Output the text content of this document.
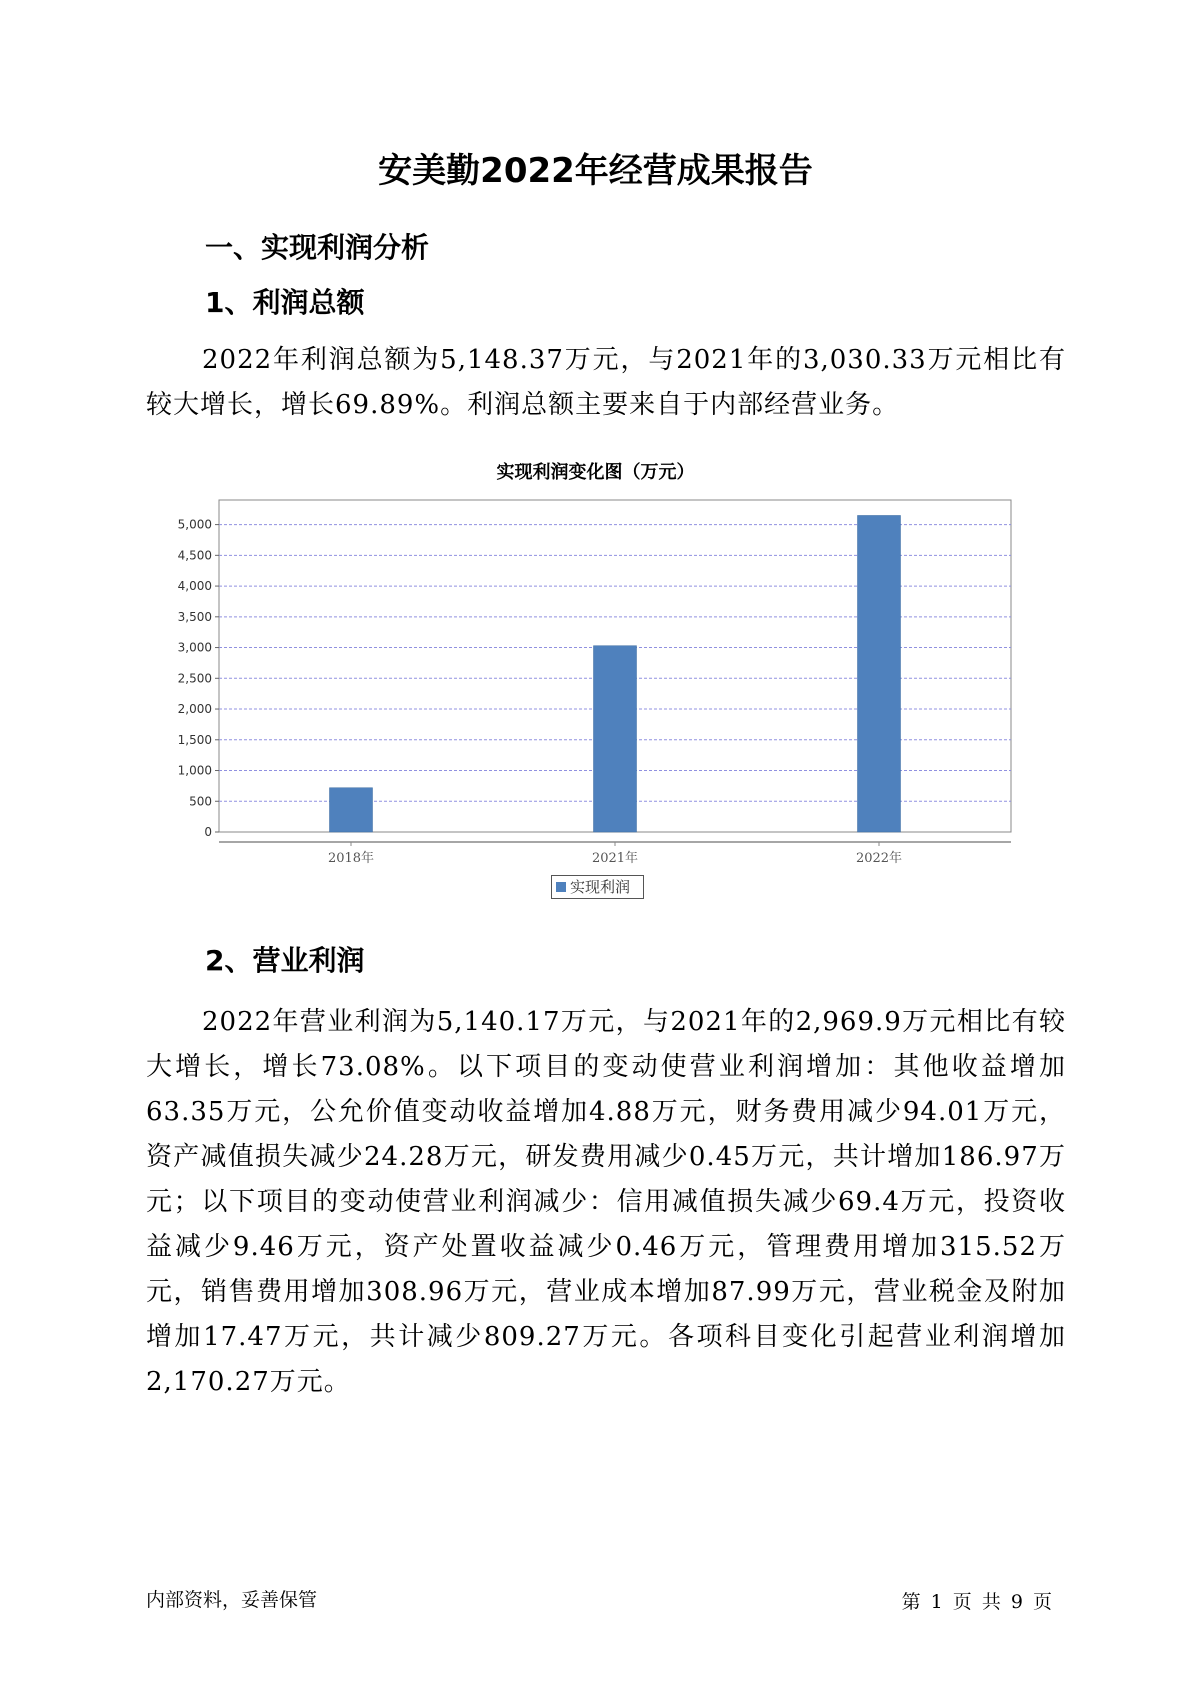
安美勤2022年经营成果报告
一、实现利润分析
1、利润总额
2022年利润总额为5,148.37万元，与2021年的3,030.33万元相比有较大增长，增长69.89%。利润总额主要来自于内部经营业务。
实现利润变化图（万元）
0
500
1,000
1,500
2,000
2,500
3,000
3,500
4,000
4,500
5,000
2018年	2021年	2022年
实现利润
2、营业利润
2022年营业利润为5,140.17万元，与2021年的2,969.9万元相比有较大增长，增长73.08%。以下项目的变动使营业利润增加：其他收益增加63.35万元，公允价值变动收益增加4.88万元，财务费用减少94.01万元，资产减值损失减少24.28万元，研发费用减少0.45万元，共计增加186.97万元；以下项目的变动使营业利润减少：信用减值损失减少69.4万元，投资收益减少9.46万元，资产处置收益减少0.46万元，管理费用增加315.52万元，销售费用增加308.96万元，营业成本增加87.99万元，营业税金及附加增加17.47万元，共计减少809.27万元。各项科目变化引起营业利润增加2,170.27万元。
内部资料，妥善保管	第 1 页 共 9 页
